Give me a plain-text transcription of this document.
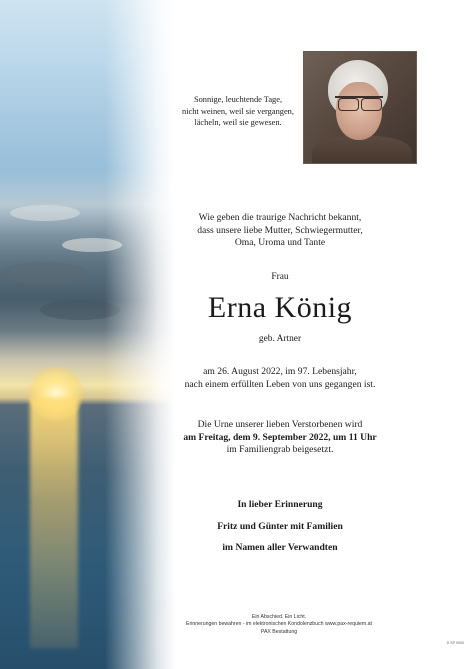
Sonnige, leuchtende Tage,
nicht weinen, weil sie vergangen,
lächeln, weil sie gewesen.
Wie geben die traurige Nachricht bekannt,
dass unsere liebe Mutter, Schwiegermutter,
Oma, Uroma und Tante
Frau
Erna König
geb. Artner
am 26. August 2022, im 97. Lebensjahr,
nach einem erfüllten Leben von uns gegangen ist.
Die Urne unserer lieben Verstorbenen wird
am Freitag, dem 9. September 2022, um 11 Uhr
im Familiengrab beigesetzt.
In lieber Erinnerung
Fritz und Günter mit Familien
im Namen aller Verwandten
Ein Abschied. Ein Licht.
Erinnerungen bewahren - im elektronischen Kondolenzbuch www.pax-requiem.at
PAX Bestattung
D SP 9000
